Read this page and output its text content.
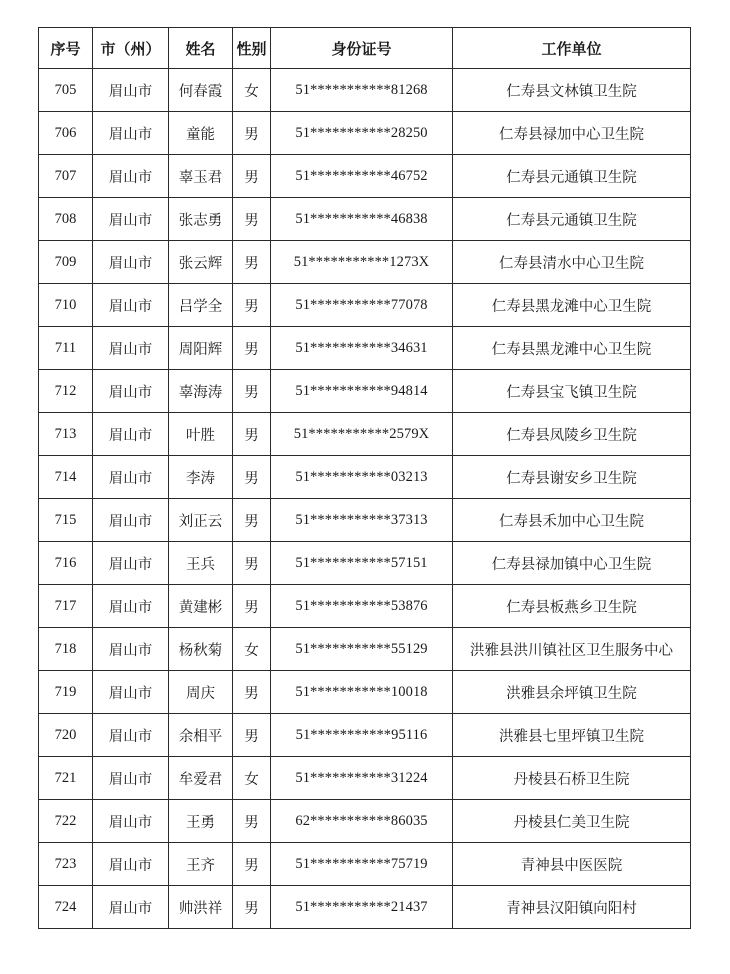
序号	市（州）	姓名	性别	身份证号	工作单位
705	眉山市	何春霞	女	51***********81268	仁寿县文林镇卫生院
706	眉山市	童能	男	51***********28250	仁寿县禄加中心卫生院
707	眉山市	辜玉君	男	51***********46752	仁寿县元通镇卫生院
708	眉山市	张志勇	男	51***********46838	仁寿县元通镇卫生院
709	眉山市	张云辉	男	51***********1273X	仁寿县清水中心卫生院
710	眉山市	吕学全	男	51***********77078	仁寿县黑龙滩中心卫生院
711	眉山市	周阳辉	男	51***********34631	仁寿县黑龙滩中心卫生院
712	眉山市	辜海涛	男	51***********94814	仁寿县宝飞镇卫生院
713	眉山市	叶胜	男	51***********2579X	仁寿县凤陵乡卫生院
714	眉山市	李涛	男	51***********03213	仁寿县谢安乡卫生院
715	眉山市	刘正云	男	51***********37313	仁寿县禾加中心卫生院
716	眉山市	王兵	男	51***********57151	仁寿县禄加镇中心卫生院
717	眉山市	黄建彬	男	51***********53876	仁寿县板燕乡卫生院
718	眉山市	杨秋菊	女	51***********55129	洪雅县洪川镇社区卫生服务中心
719	眉山市	周庆	男	51***********10018	洪雅县余坪镇卫生院
720	眉山市	余相平	男	51***********95116	洪雅县七里坪镇卫生院
721	眉山市	牟爱君	女	51***********31224	丹棱县石桥卫生院
722	眉山市	王勇	男	62***********86035	丹棱县仁美卫生院
723	眉山市	王齐	男	51***********75719	青神县中医医院
724	眉山市	帅洪祥	男	51***********21437	青神县汉阳镇向阳村
